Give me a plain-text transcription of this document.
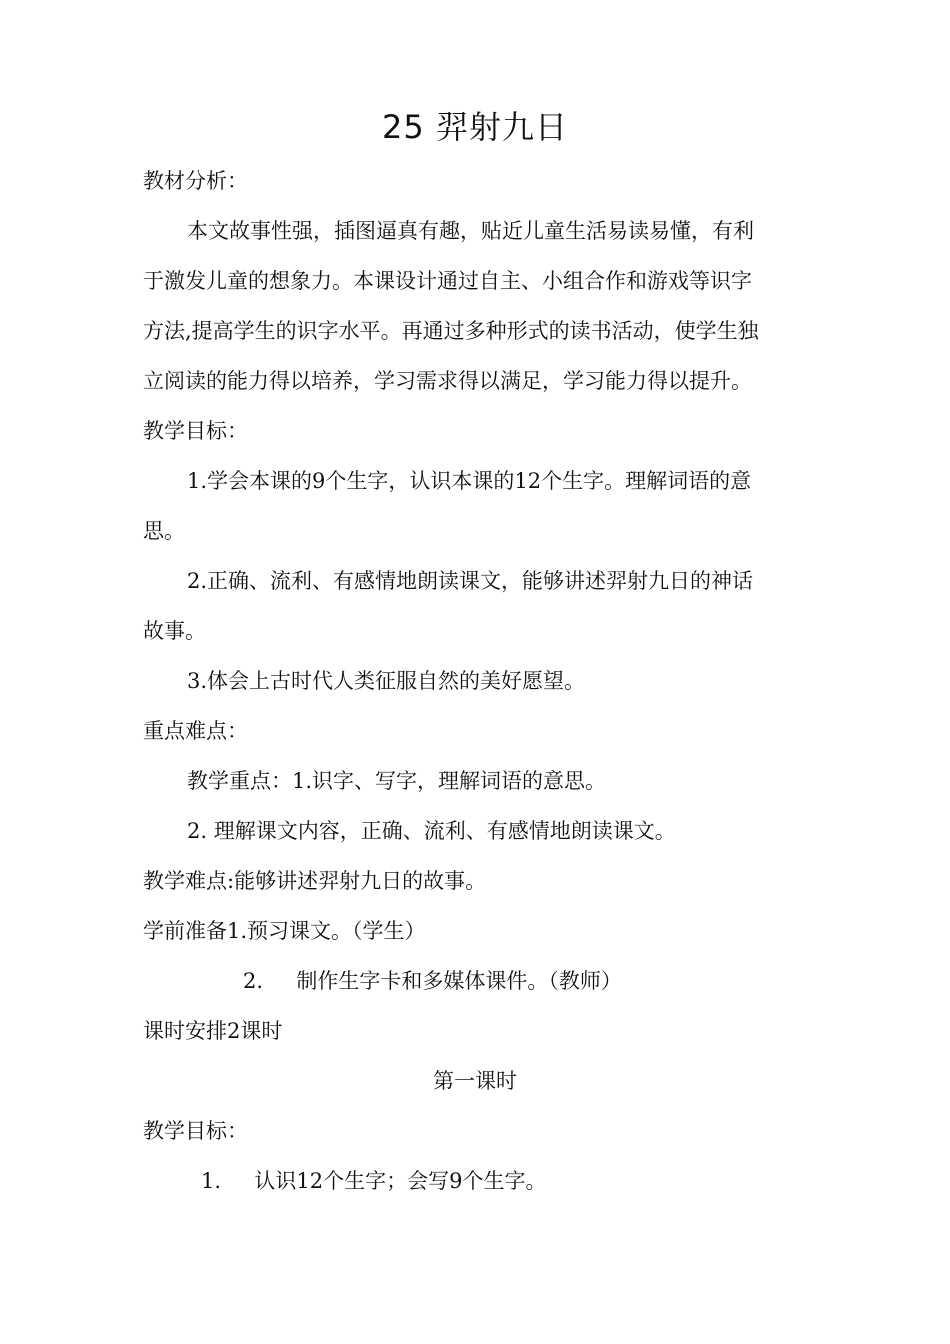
25 羿射九日

教材分析：

本文故事性强，插图逼真有趣，贴近儿童生活易读易懂，有利

于激发儿童的想象力。本课设计通过自主、小组合作和游戏等识字

方法,提高学生的识字水平。再通过多种形式的读书活动，使学生独

立阅读的能力得以培养，学习需求得以满足，学习能力得以提升。

教学目标：

1.学会本课的9个生字，认识本课的12个生字。理解词语的意

思。

2.正确、流利、有感情地朗读课文，能够讲述羿射九日的神话

故事。

3.体会上古时代人类征服自然的美好愿望。

重点难点：

教学重点：1.识字、写字，理解词语的意思。

2. 理解课文内容，正确、流利、有感情地朗读课文。

教学难点:能够讲述羿射九日的故事。

学前准备1.预习课文。（学生）

2.     制作生字卡和多媒体课件。（教师）

课时安排2课时

第一课时

教学目标：

1.     认识12个生字；会写9个生字。
